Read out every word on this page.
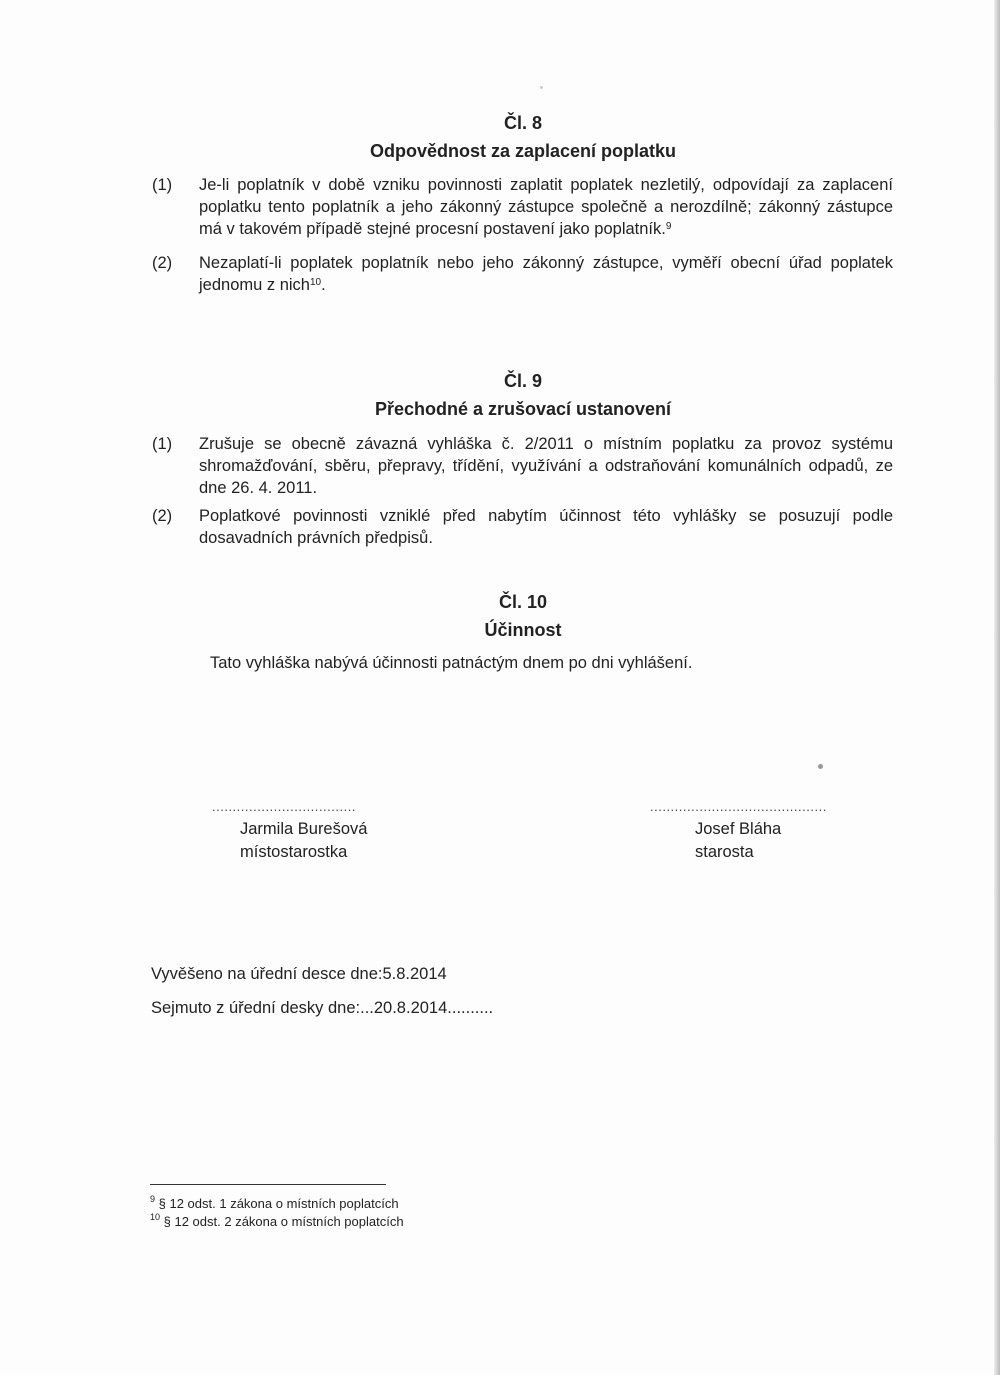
Čl. 8
Odpovědnost za zaplacení poplatku
(1) Je-li poplatník v době vzniku povinnosti zaplatit poplatek nezletilý, odpovídají za zaplacení poplatku tento poplatník a jeho zákonný zástupce společně a nerozdílně; zákonný zástupce má v takovém případě stejné procesní postavení jako poplatník.$^9$
(2) Nezaplatí-li poplatek poplatník nebo jeho zákonný zástupce, vyměří obecní úřad poplatek jednomu z nich$^{10}$.
Čl. 9
Přechodné a zrušovací ustanovení
(1) Zrušuje se obecně závazná vyhláška č. 2/2011 o místním poplatku za provoz systému shromažďování, sběru, přepravy, třídění, využívání a odstraňování komunálních odpadů, ze dne 26. 4. 2011.
(2) Poplatkové povinnosti vzniklé před nabytím účinnost této vyhlášky se posuzují podle dosavadních právních předpisů.
Čl. 10
Účinnost
Tato vyhláška nabývá účinnosti patnáctým dnem po dni vyhlášení.
...................................
Jarmila Burešová
místostarostka
...........................................
Josef Bláha
starosta
Vyvěšeno na úřední desce dne:5.8.2014
Sejmuto z úřední desky dne:...20.8.2014..........
$^9$ § 12 odst. 1 zákona o místních poplatcích
$^{10}$ § 12 odst. 2 zákona o místních poplatcích
